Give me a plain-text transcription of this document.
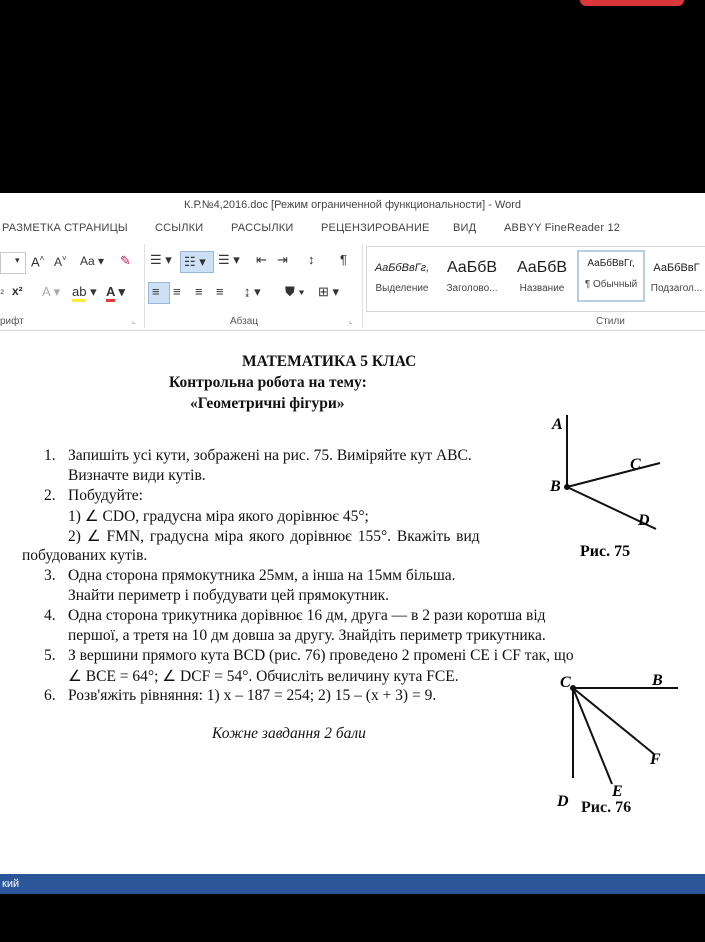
К.Р.№4,2016.doc [Режим ограниченной функциональности] - Word
РАЗМЕТКА СТРАНИЦЫ ССЫЛКИ	РАССЫЛКИ	РЕЦЕНЗИРОВАНИЕ ВИД	ABBYY FineReader 12
▾ A˄ A˅ Aa ▾ ✎
₂ x² A ▾ ab ▾ A ▾
рифт	⌞
☰ ▾ ☷ ▾ ☰ ▾ ⇤ ⇥ ↕ ¶
≡ ≡ ≡ ≡ ↨ ▾ ⛊ ▾ ⊞ ▾
Абзац	⌞
АаБбВвГг,
Выделение
АаБбВ
Заголово...
АаБбВ
Название
АаБбВвГг,
¶ Обычный
АаБбВвГ
Подзагол...
Стили
МАТЕМАТИКА 5 КЛАС
Контрольна робота на тему:
«Геометричні фігури»
1. Запишіть усі кути, зображені на рис. 75. Виміряйте кут ABC.
Визначте види кутів.
2. Побудуйте:
1) ∠ CDO, градусна міра якого дорівнює 45°;
2) ∠ FMN, градусна міра якого дорівнює 155°. Вкажіть вид
побудованих кутів.
3. Одна сторона прямокутника 25мм, а інша на 15мм більша.
Знайти периметр і побудувати цей прямокутник.
4. Одна сторона трикутника дорівнює 16 дм, друга — в 2 рази коротша від
першої, а третя на 10 дм довша за другу. Знайдіть периметр трикутника.
5. З вершини прямого кута BCD (рис. 76) проведено 2 промені CE і CF так, що
∠ BCE = 64°; ∠ DCF = 54°. Обчисліть величину кута FCE.
6. Розв'яжіть рівняння: 1) x – 187 = 254; 2) 15 – (x + 3) = 9.
Кожне завдання 2 бали
A
B
C
D
Рис. 75
C	B
F
E
D Рис. 76
кий
